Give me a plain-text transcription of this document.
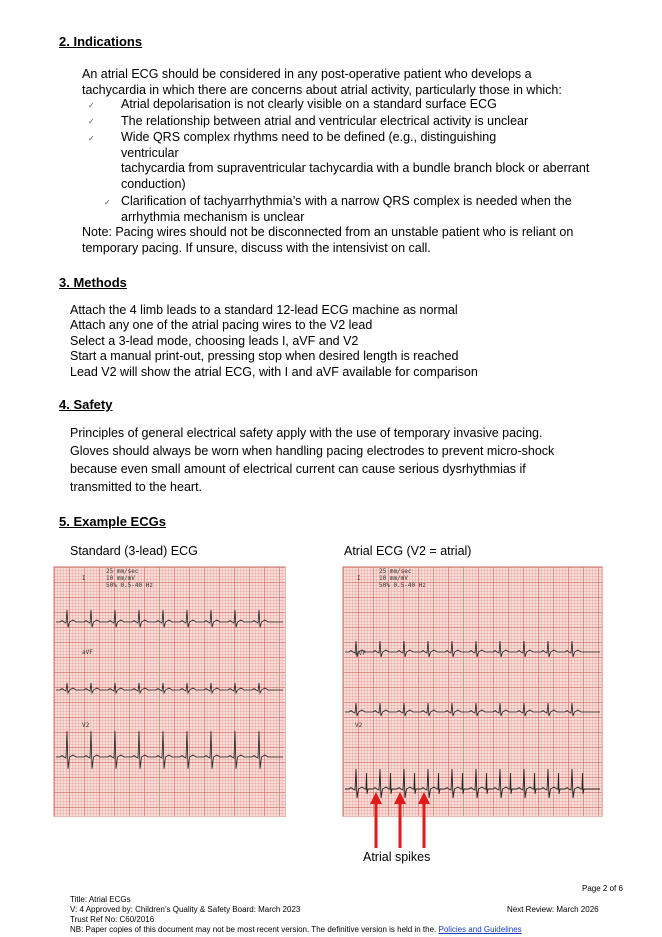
2. Indications
An atrial ECG should be considered in any post-operative patient who develops a
tachycardia in which there are concerns about atrial activity, particularly those in which:
✓ Atrial depolarisation is not clearly visible on a standard surface ECG
✓ The relationship between atrial and ventricular electrical activity is unclear
✓ Wide QRS complex rhythms need to be defined (e.g., distinguishing
ventricular
tachycardia from supraventricular tachycardia with a bundle branch block or aberrant
conduction)
✓ Clarification of tachyarrhythmia’s with a narrow QRS complex is needed when the
arrhythmia mechanism is unclear
Note: Pacing wires should not be disconnected from an unstable patient who is reliant on
temporary pacing. If unsure, discuss with the intensivist on call.
3. Methods
Attach the 4 limb leads to a standard 12-lead ECG machine as normal
Attach any one of the atrial pacing wires to the V2 lead
Select a 3-lead mode, choosing leads I, aVF and V2
Start a manual print-out, pressing stop when desired length is reached
Lead V2 will show the atrial ECG, with I and aVF available for comparison
4. Safety
Principles of general electrical safety apply with the use of temporary invasive pacing.
Gloves should always be worn when handling pacing electrodes to prevent micro-shock
because even small amount of electrical current can cause serious dysrhythmias if
transmitted to the heart.
5. Example ECGs
Standard (3-lead) ECG	Atrial ECG (V2 = atrial)
25 mm/sec
10 mm/mV
50% 0.5-40 Hz
I
aVF
V2
25 mm/sec
10 mm/mV
50% 0.5-40 Hz
I
aVF
V2
Atrial spikes
Page 2 of 6
Title: Atrial ECGs
V: 4 Approved by: Children’s Quality & Safety Board: March 2023	Next Review: March 2026
Trust Ref No: C60/2016
NB: Paper copies of this document may not be most recent version. The definitive version is held in the. Policies and Guidelines
